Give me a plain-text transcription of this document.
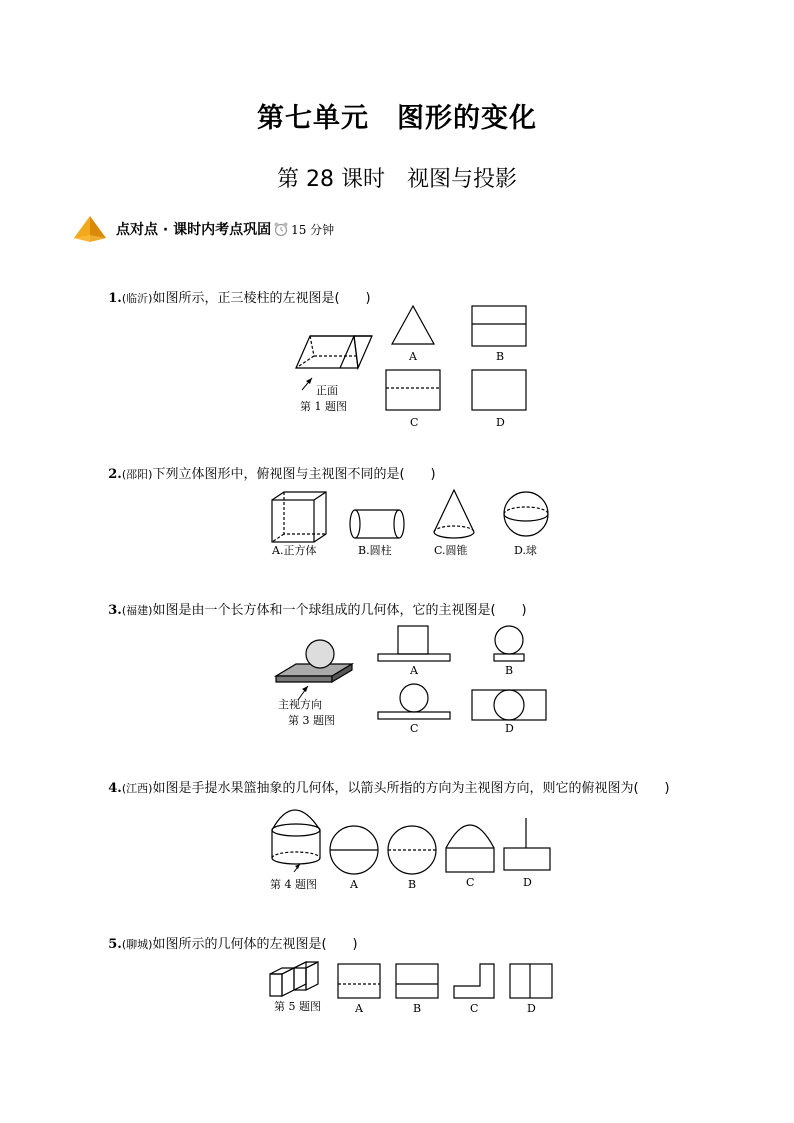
第七单元　图形的变化
第 28 课时　视图与投影
点对点 · 课时内考点巩固 15 分钟

1.(临沂)如图所示，正三棱柱的左视图是(　　)

正面
第 1 题图
A	B
C	D

2.(邵阳)下列立体图形中，俯视图与主视图不同的是(　　)

A.正方体	B.圆柱	C.圆锥	D.球

3.(福建)如图是由一个长方体和一个球组成的几何体，它的主视图是(　　)

主视方向
第 3 题图
A	B
C	D

4.(江西)如图是手提水果篮抽象的几何体，以箭头所指的方向为主视图方向，则它的俯视图为(　　)

第 4 题图	A	B	C	D

5.(聊城)如图所示的几何体的左视图是(　　)

第 5 题图	A	B	C	D
